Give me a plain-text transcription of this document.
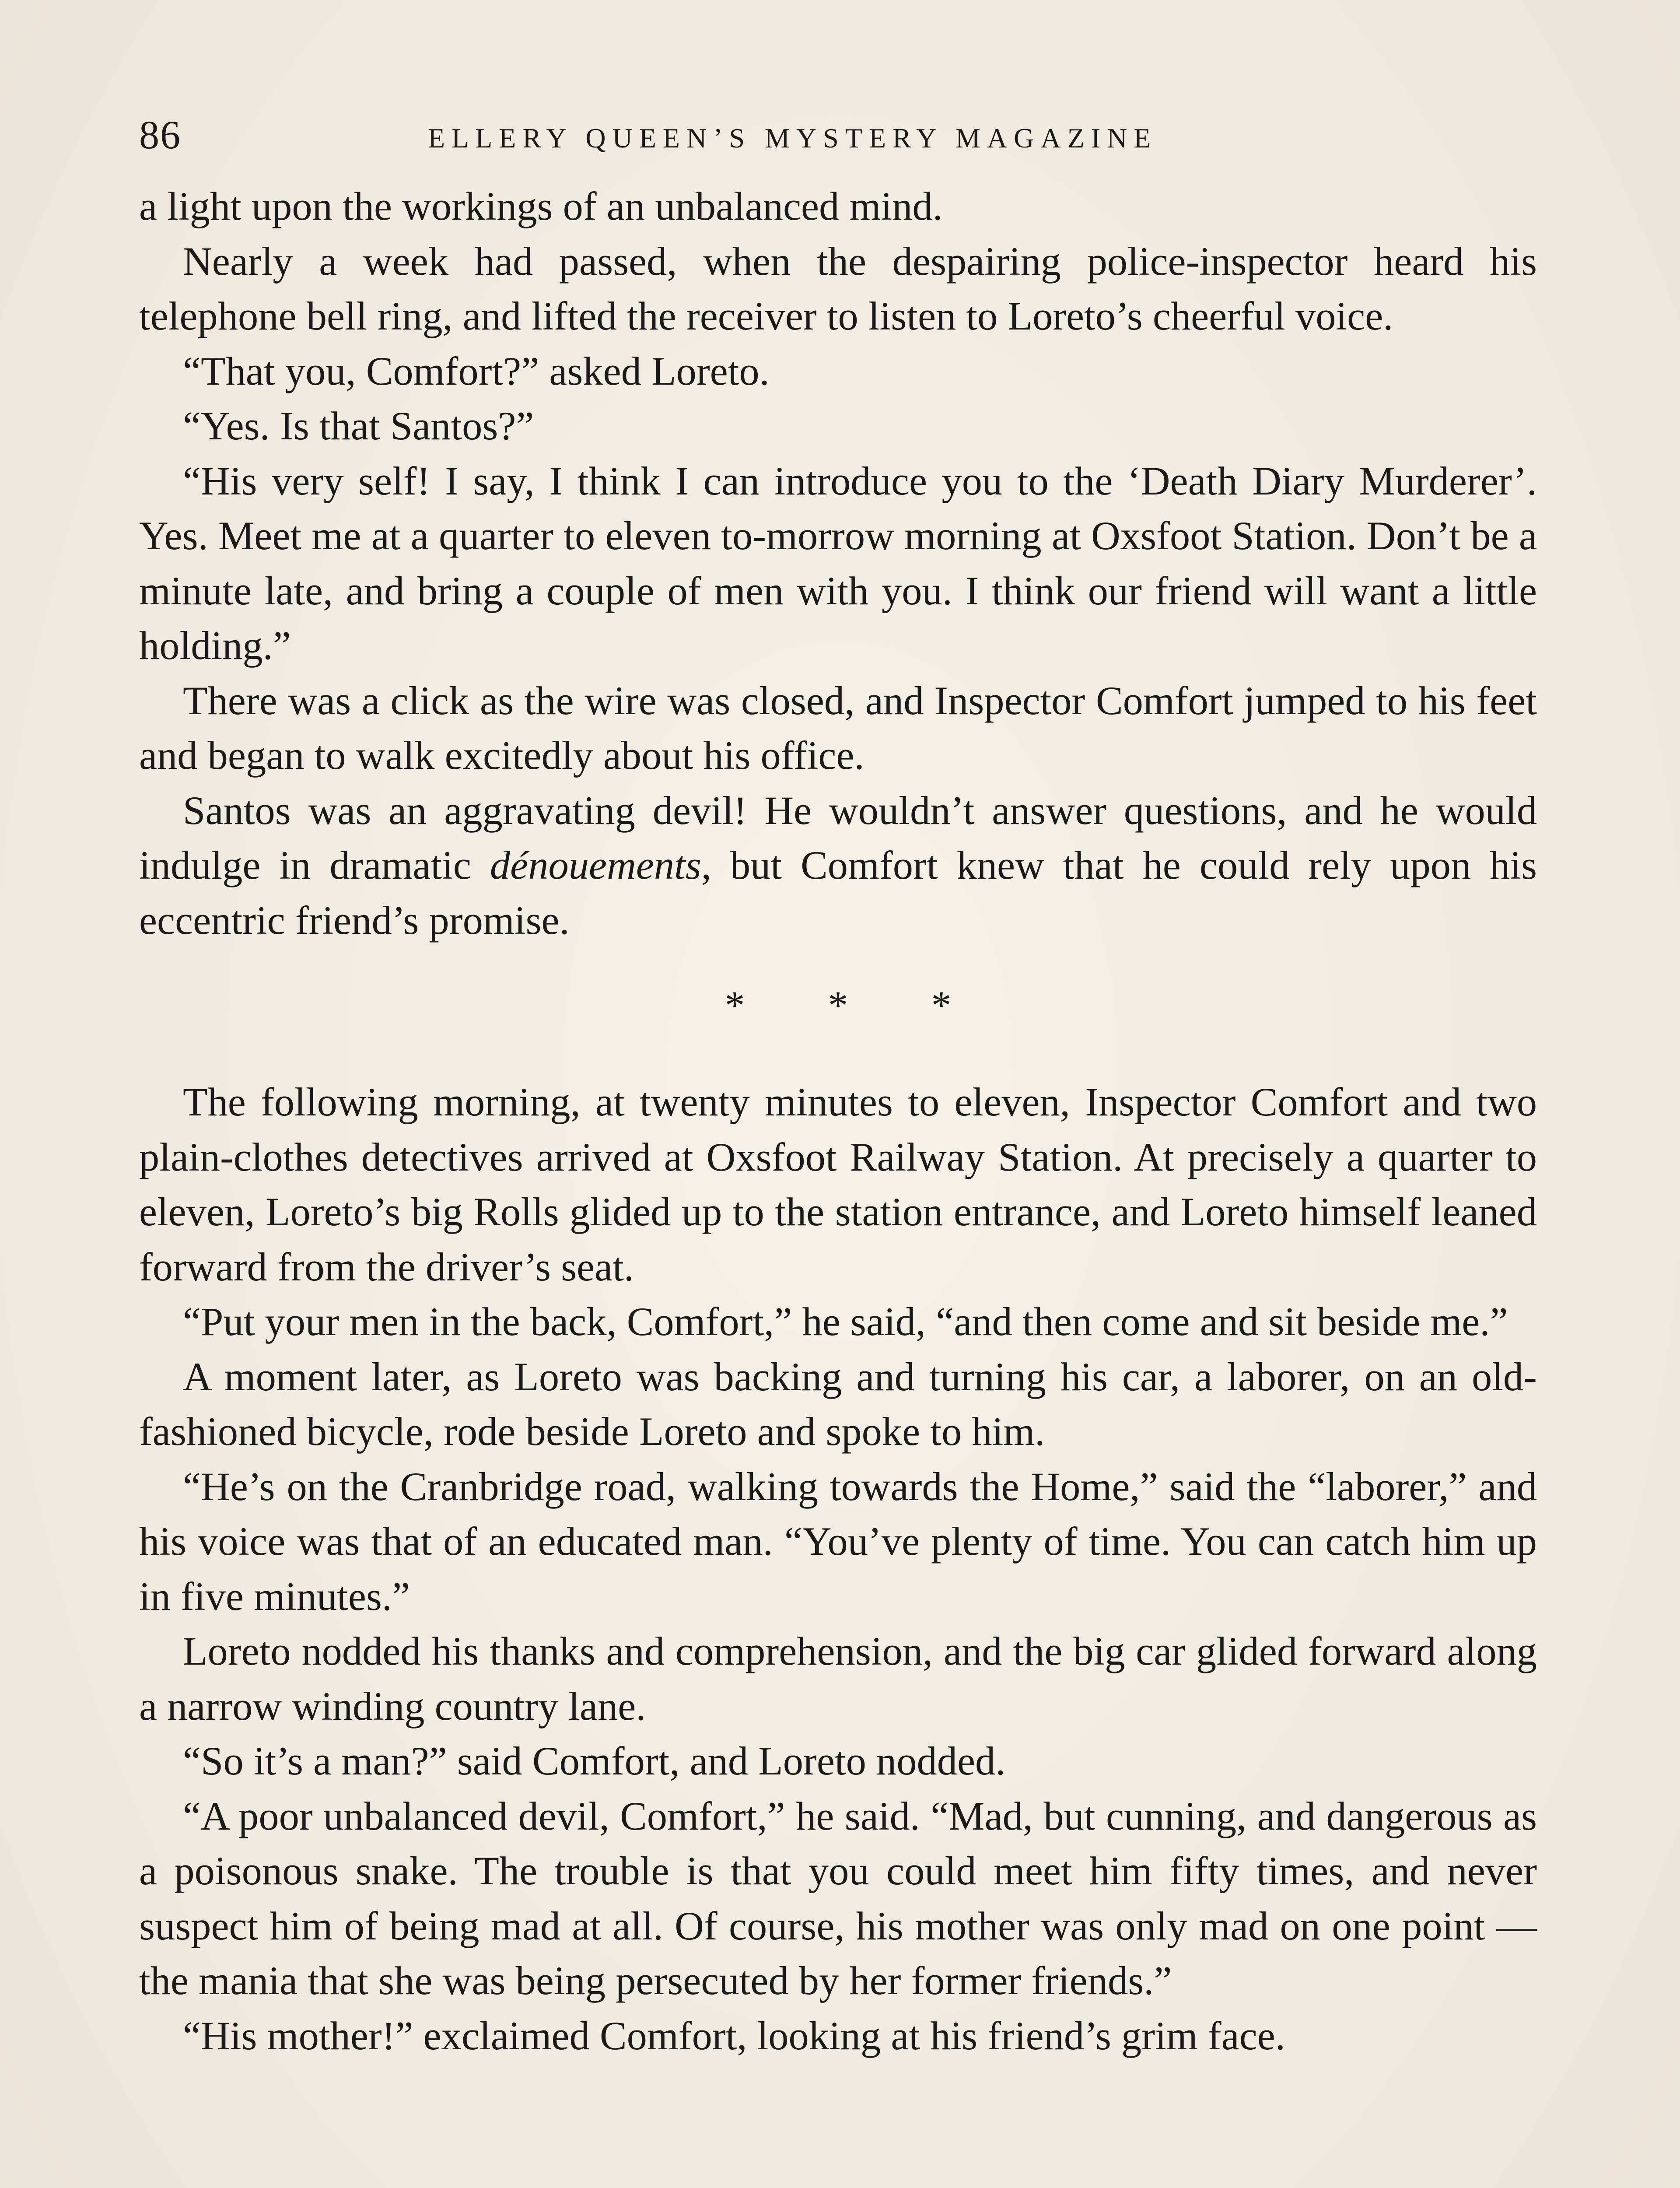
86	ELLERY QUEEN’S MYSTERY MAGAZINE

a light upon the workings of an unbalanced mind.

Nearly a week had passed, when the despairing police-inspector heard his telephone bell ring, and lifted the receiver to listen to Loreto’s cheerful voice.

“That you, Comfort?” asked Loreto.

“Yes. Is that Santos?”

“His very self! I say, I think I can introduce you to the ‘Death Diary Murderer’. Yes. Meet me at a quarter to eleven to-morrow morning at Oxsfoot Station. Don’t be a minute late, and bring a couple of men with you. I think our friend will want a little holding.”

There was a click as the wire was closed, and Inspector Comfort jumped to his feet and began to walk excitedly about his office.

Santos was an aggravating devil! He wouldn’t answer questions, and he would indulge in dramatic dénouements, but Comfort knew that he could rely upon his eccentric friend’s promise.

* * *

The following morning, at twenty minutes to eleven, Inspector Comfort and two plain-clothes detectives arrived at Oxsfoot Railway Station. At precisely a quarter to eleven, Loreto’s big Rolls glided up to the station entrance, and Loreto himself leaned forward from the driver’s seat.

“Put your men in the back, Comfort,” he said, “and then come and sit beside me.”

A moment later, as Loreto was backing and turning his car, a laborer, on an old-fashioned bicycle, rode beside Loreto and spoke to him.

“He’s on the Cranbridge road, walking towards the Home,” said the “laborer,” and his voice was that of an educated man. “You’ve plenty of time. You can catch him up in five minutes.”

Loreto nodded his thanks and comprehension, and the big car glided forward along a narrow winding country lane.

“So it’s a man?” said Comfort, and Loreto nodded.

“A poor unbalanced devil, Comfort,” he said. “Mad, but cunning, and dangerous as a poisonous snake. The trouble is that you could meet him fifty times, and never suspect him of being mad at all. Of course, his mother was only mad on one point — the mania that she was being persecuted by her former friends.”

“His mother!” exclaimed Comfort, looking at his friend’s grim face.
